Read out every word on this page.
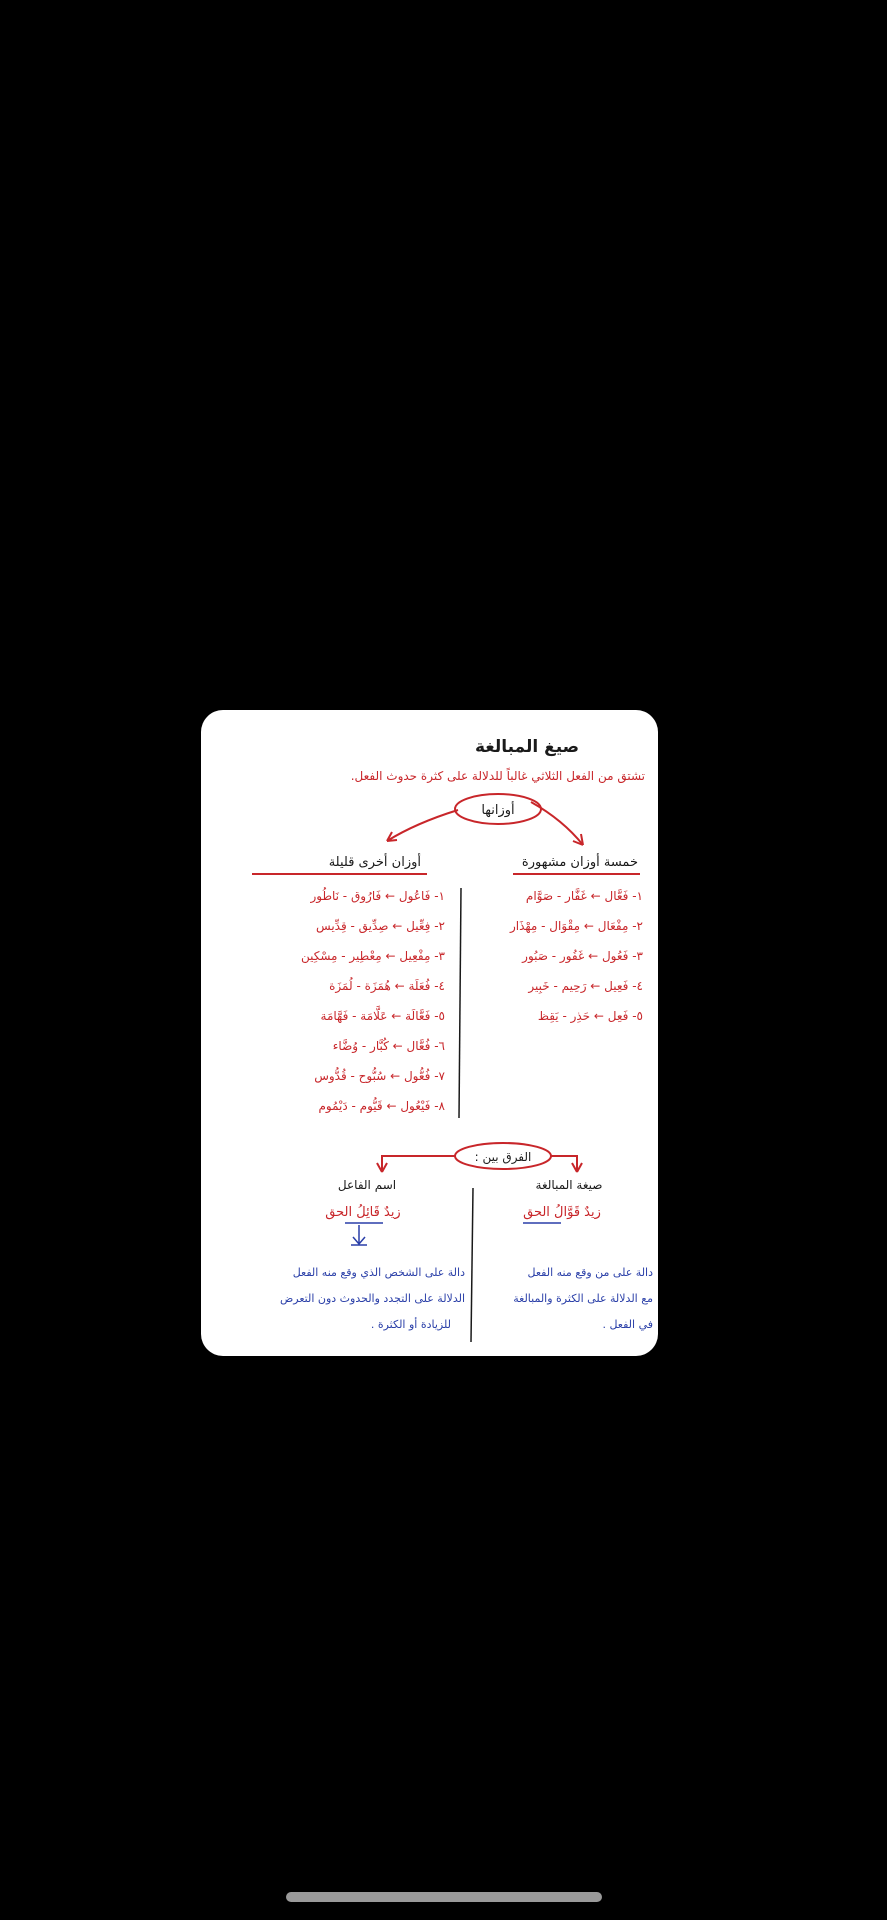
صيغ المبالغة
تشتق من الفعل الثلاثي غالباً للدلالة على كثرة حدوث الفعل.
أوزانها
خمسة أوزان مشهورة
أوزان أخرى قليلة
١- فَعَّال ← غَفَّار - صَوَّام
٢- مِفْعَال ← مِقْوَال - مِهْذَار
٣- فَعُول ← غَفُور - صَبُور
٤- فَعِيل ← رَحِيم - خَبِير
٥- فَعِل ← حَذِر - يَقِظ
١- فَاعُول ← فَارُوق - نَاطُور
٢- فِعِّيل ← صِدِّيق - قِدِّيس
٣- مِفْعِيل ← مِعْطِير - مِسْكِين
٤- فُعَلَة ← هُمَزَة - لُمَزَة
٥- فَعَّالَة ← عَلَّامَة - فَهَّامَة
٦- فُعَّال ← كُبَّار - وُضَّاء
٧- فُعُّول ← سُبُّوح - قُدُّوس
٨- فَيْعُول ← قَيُّوم - دَيْمُوم
الفرق بين :
صيغة المبالغة
اسم الفاعل
زيدٌ قَوَّالُ الحق
زيدٌ قَائِلُ الحق
دالة على من وقع منه الفعل
مع الدلالة على الكثرة والمبالغة
في الفعل .
دالة على الشخص الذي وقع منه الفعل
الدلالة على التجدد والحدوث دون التعرض
للزيادة أو الكثرة .
